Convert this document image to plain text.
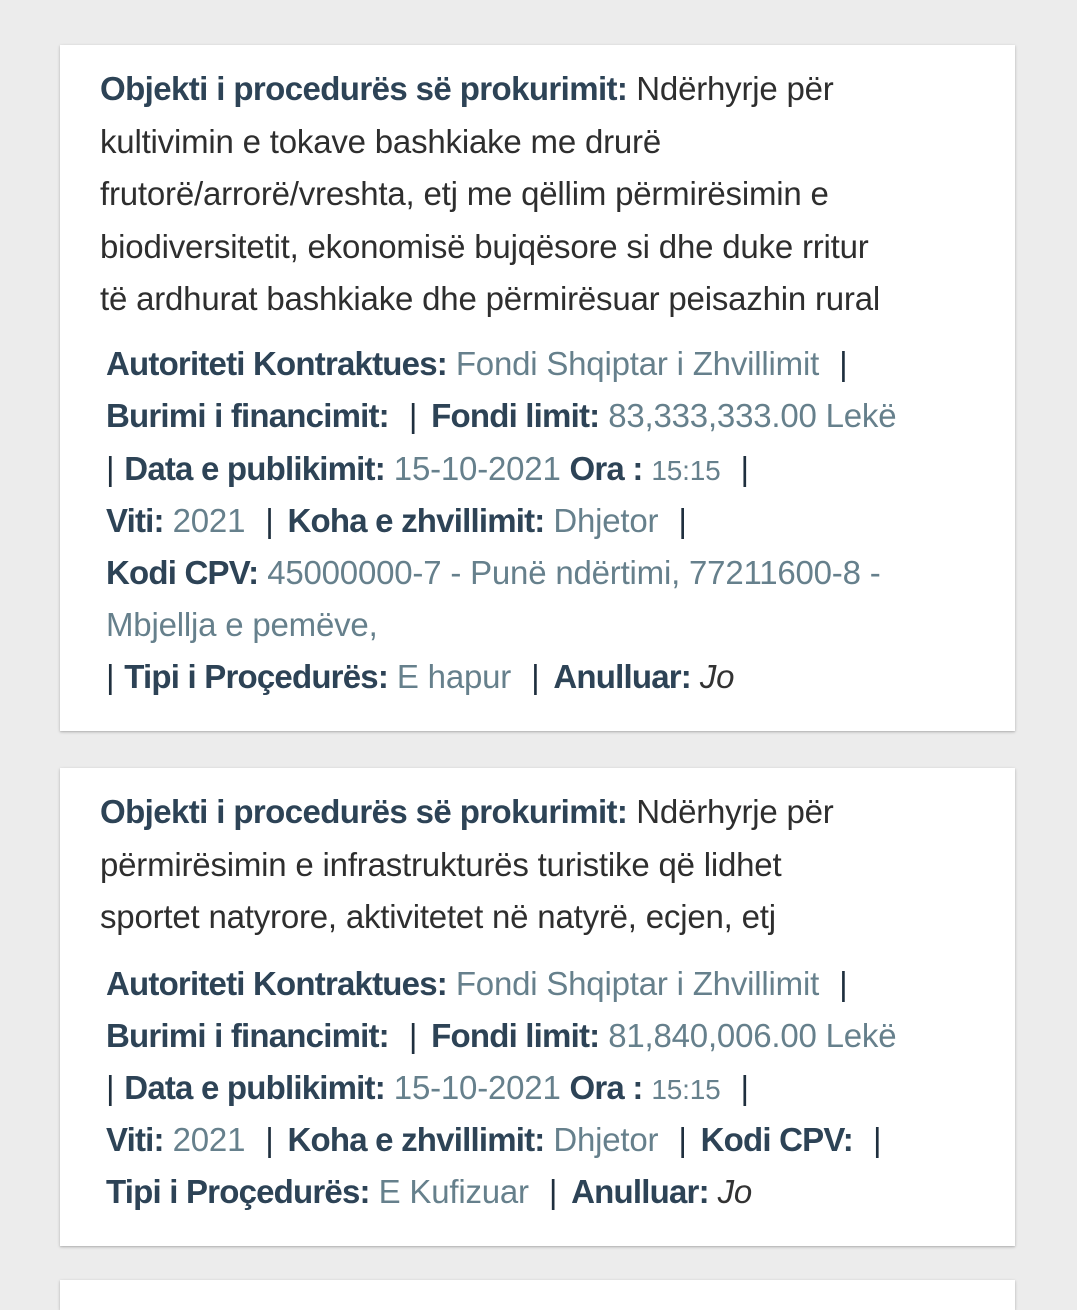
Objekti i procedurës së prokurimit: Ndërhyrje për
kultivimin e tokave bashkiake me drurë
frutorë/arrorë/vreshta, etj me qëllim përmirësimin e
biodiversitetit, ekonomisë bujqësore si dhe duke rritur
të ardhurat bashkiake dhe përmirësuar peisazhin rural
Autoriteti Kontraktues: Fondi Shqiptar i Zhvillimit |
Burimi i financimit: | Fondi limit: 83,333,333.00 Lekë
| Data e publikimit: 15-10-2021 Ora : 15:15 |
Viti: 2021 | Koha e zhvillimit: Dhjetor |
Kodi CPV: 45000000-7 - Punë ndërtimi, 77211600-8 -
Mbjellja e pemëve,
| Tipi i Proçedurës: E hapur | Anulluar: Jo
Objekti i procedurës së prokurimit: Ndërhyrje për
përmirësimin e infrastrukturës turistike që lidhet
sportet natyrore, aktivitetet në natyrë, ecjen, etj
Autoriteti Kontraktues: Fondi Shqiptar i Zhvillimit |
Burimi i financimit: | Fondi limit: 81,840,006.00 Lekë
| Data e publikimit: 15-10-2021 Ora : 15:15 |
Viti: 2021 | Koha e zhvillimit: Dhjetor | Kodi CPV: |
Tipi i Proçedurës: E Kufizuar | Anulluar: Jo
